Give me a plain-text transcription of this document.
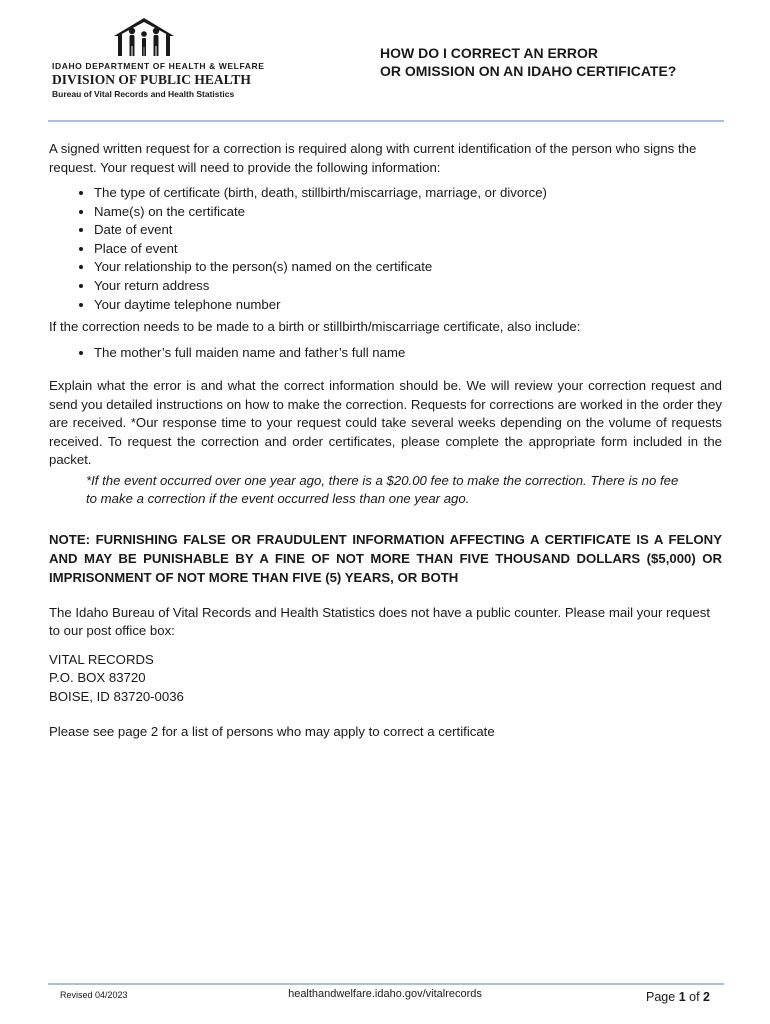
IDAHO DEPARTMENT OF HEALTH & WELFARE
DIVISION OF PUBLIC HEALTH
Bureau of Vital Records and Health Statistics
HOW DO I CORRECT AN ERROR
OR OMISSION ON AN IDAHO CERTIFICATE?

A signed written request for a correction is required along with current identification of the person who signs the request. Your request will need to provide the following information:

• The type of certificate (birth, death, stillbirth/miscarriage, marriage, or divorce)
• Name(s) on the certificate
• Date of event
• Place of event
• Your relationship to the person(s) named on the certificate
• Your return address
• Your daytime telephone number

If the correction needs to be made to a birth or stillbirth/miscarriage certificate, also include:

• The mother’s full maiden name and father’s full name

Explain what the error is and what the correct information should be. We will review your correction request and send you detailed instructions on how to make the correction. Requests for corrections are worked in the order they are received. *Our response time to your request could take several weeks depending on the volume of requests received. To request the correction and order certificates, please complete the appropriate form included in the packet.

*If the event occurred over one year ago, there is a $20.00 fee to make the correction. There is no fee to make a correction if the event occurred less than one year ago.

NOTE: FURNISHING FALSE OR FRAUDULENT INFORMATION AFFECTING A CERTIFICATE IS A FELONY AND MAY BE PUNISHABLE BY A FINE OF NOT MORE THAN FIVE THOUSAND DOLLARS ($5,000) OR IMPRISONMENT OF NOT MORE THAN FIVE (5) YEARS, OR BOTH

The Idaho Bureau of Vital Records and Health Statistics does not have a public counter. Please mail your request to our post office box:

VITAL RECORDS
P.O. BOX 83720
BOISE, ID 83720-0036

Please see page 2 for a list of persons who may apply to correct a certificate

Revised 04/2023	healthandwelfare.idaho.gov/vitalrecords	Page 1 of 2
